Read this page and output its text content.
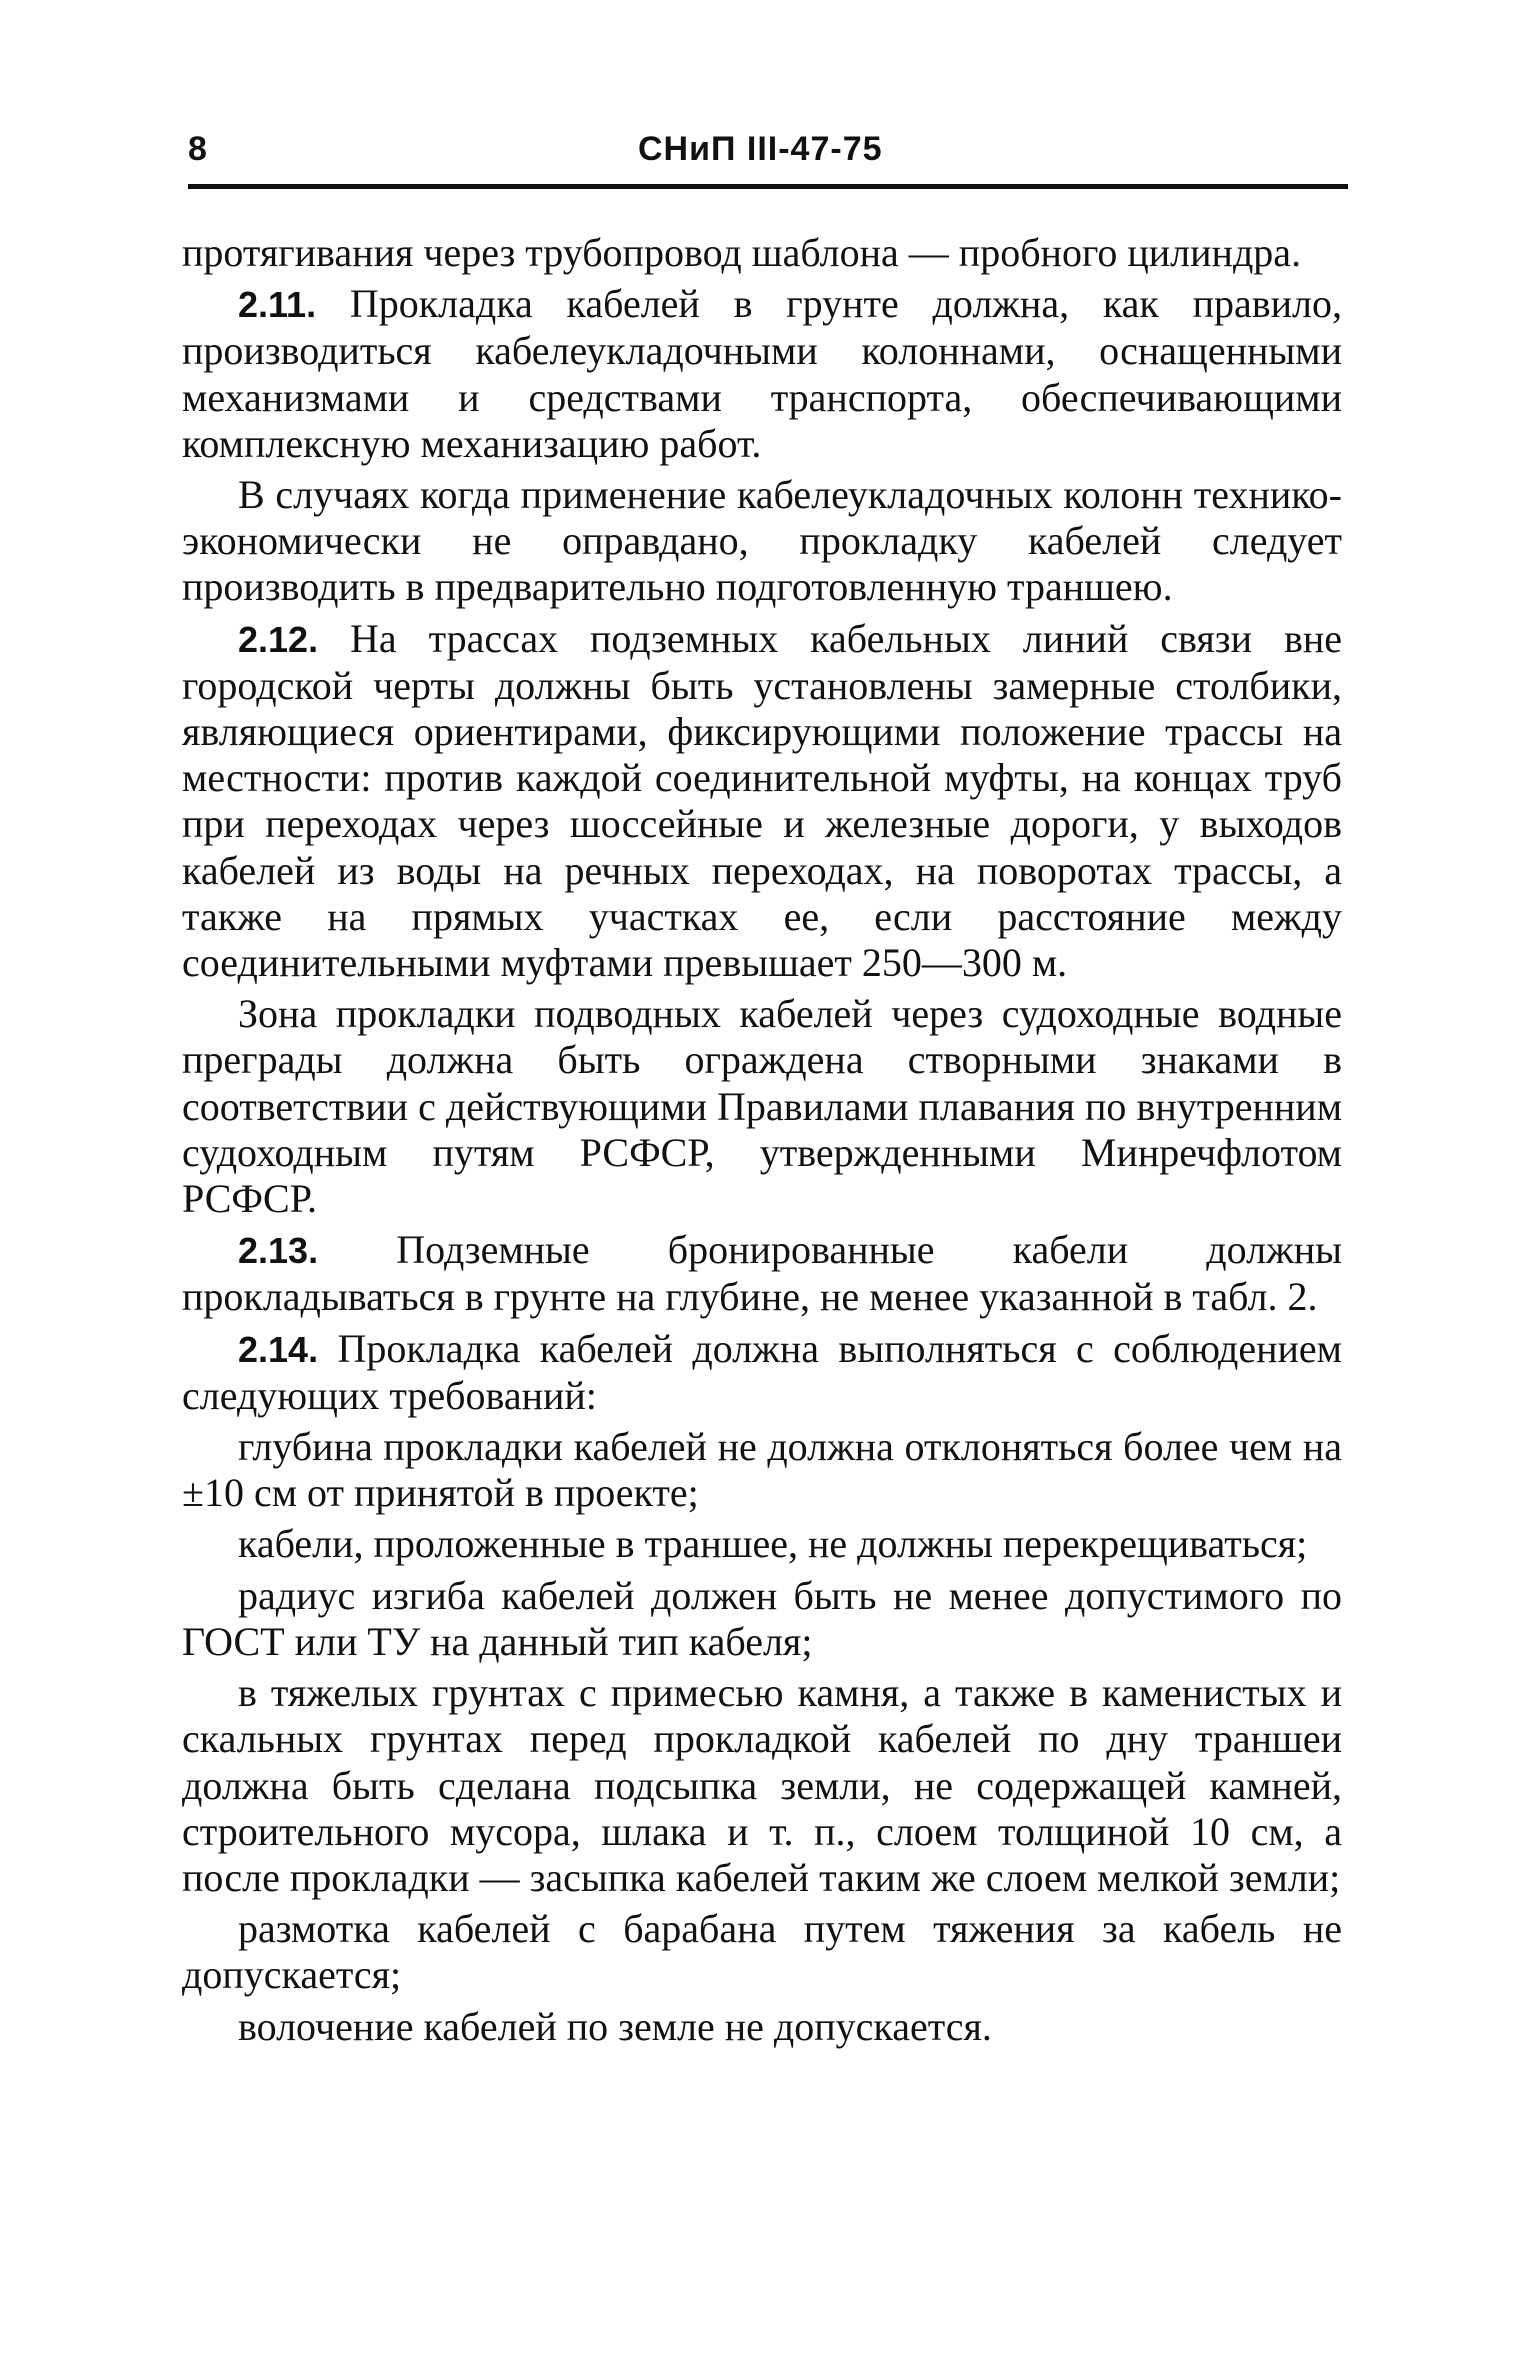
8	СНиП III-47-75

протягивания через трубопровод шаблона — пробного цилиндра.

2.11. Прокладка кабелей в грунте должна, как правило, производиться кабелеукладочными колоннами, оснащенными механизмами и средствами транспорта, обеспечивающими комплексную механизацию работ.

В случаях когда применение кабелеукладочных колонн технико-экономически не оправдано, прокладку кабелей следует производить в предварительно подготовленную траншею.

2.12. На трассах подземных кабельных линий связи вне городской черты должны быть установлены замерные столбики, являющиеся ориентирами, фиксирующими положение трассы на местности: против каждой соединительной муфты, на концах труб при переходах через шоссейные и железные дороги, у выходов кабелей из воды на речных переходах, на поворотах трассы, а также на прямых участках ее, если расстояние между соединительными муфтами превышает 250—300 м.

Зона прокладки подводных кабелей через судоходные водные преграды должна быть ограждена створными знаками в соответствии с действующими Правилами плавания по внутренним судоходным путям РСФСР, утвержденными Минречфлотом РСФСР.

2.13. Подземные бронированные кабели должны прокладываться в грунте на глубине, не менее указанной в табл. 2.

2.14. Прокладка кабелей должна выполняться с соблюдением следующих требований:

глубина прокладки кабелей не должна отклоняться более чем на ±10 см от принятой в проекте;

кабели, проложенные в траншее, не должны перекрещиваться;

радиус изгиба кабелей должен быть не менее допустимого по ГОСТ или ТУ на данный тип кабеля;

в тяжелых грунтах с примесью камня, а также в каменистых и скальных грунтах перед прокладкой кабелей по дну траншеи должна быть сделана подсыпка земли, не содержащей камней, строительного мусора, шлака и т. п., слоем толщиной 10 см, а после прокладки — засыпка кабелей таким же слоем мелкой земли;

размотка кабелей с барабана путем тяжения за кабель не допускается;

волочение кабелей по земле не допускается.
